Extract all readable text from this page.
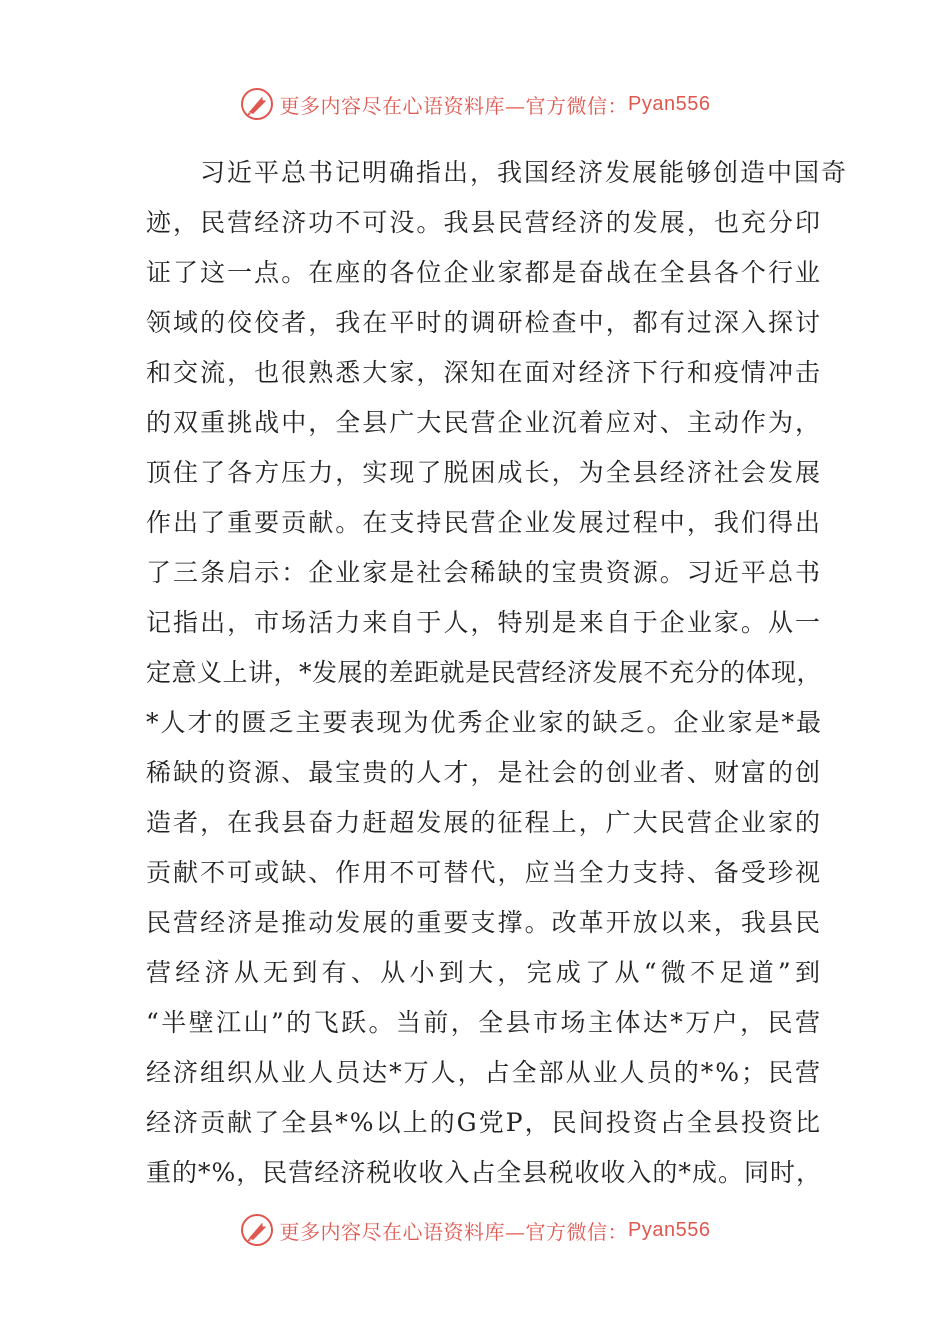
更多内容尽在心语资料库— 官方微信： Pyan556
　　习近平总书记明确指出，我国经济发展能够创造中国奇
迹，民营经济功不可没。我县民营经济的发展，也充分印
证了这一点。在座的各位企业家都是奋战在全县各个行业
领域的佼佼者，我在平时的调研检查中，都有过深入探讨
和交流，也很熟悉大家，深知在面对经济下行和疫情冲击
的双重挑战中，全县广大民营企业沉着应对、主动作为，
顶住了各方压力，实现了脱困成长，为全县经济社会发展
作出了重要贡献。在支持民营企业发展过程中，我们得出
了三条启示：企业家是社会稀缺的宝贵资源。习近平总书
记指出，市场活力来自于人，特别是来自于企业家。从一
定意义上讲，*发展的差距就是民营经济发展不充分的体现，
*人才的匮乏主要表现为优秀企业家的缺乏。企业家是*最
稀缺的资源、最宝贵的人才，是社会的创业者、财富的创
造者，在我县奋力赶超发展的征程上，广大民营企业家的
贡献不可或缺、作用不可替代，应当全力支持、备受珍视
民营经济是推动发展的重要支撑。改革开放以来，我县民
营经济从无到有、从小到大，完成了从“微不足道”到
“半壁江山”的飞跃。当前，全县市场主体达*万户，民营
经济组织从业人员达*万人，占全部从业人员的*%；民营
经济贡献了全县*%以上的G党P，民间投资占全县投资比
重的*%，民营经济税收收入占全县税收收入的*成。同时，
更多内容尽在心语资料库— 官方微信： Pyan556
